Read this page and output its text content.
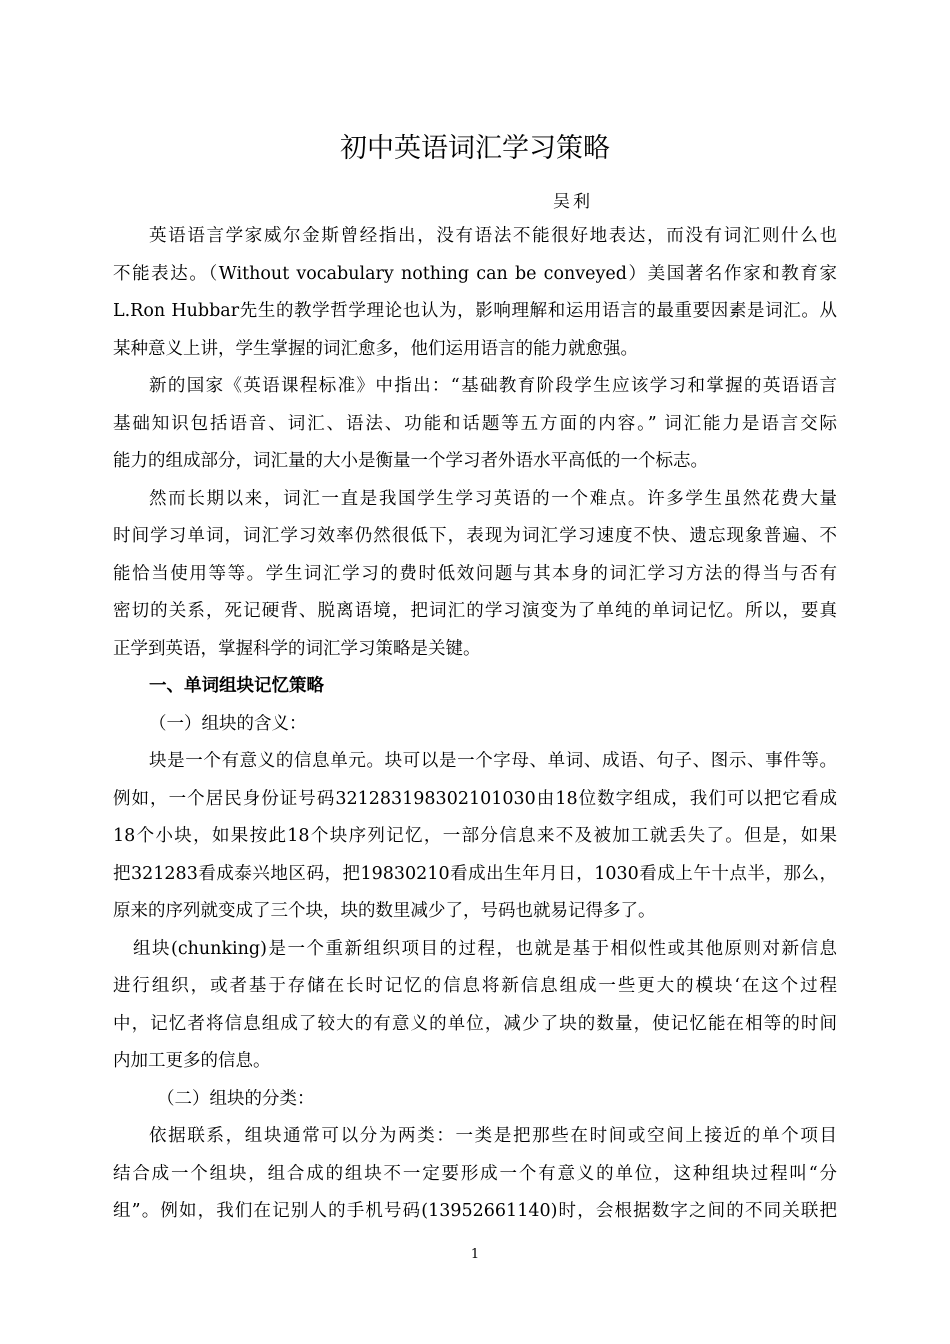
初中英语词汇学习策略
吴利
英语语言学家威尔金斯曾经指出，没有语法不能很好地表达，而没有词汇则什么也
不能表达。（Without vocabulary nothing can be conveyed）美国著名作家和教育家
L.Ron Hubbar先生的教学哲学理论也认为，影响理解和运用语言的最重要因素是词汇。从
某种意义上讲，学生掌握的词汇愈多，他们运用语言的能力就愈强。
新的国家《英语课程标准》中指出：“基础教育阶段学生应该学习和掌握的英语语言
基础知识包括语音、词汇、语法、功能和话题等五方面的内容。” 词汇能力是语言交际
能力的组成部分，词汇量的大小是衡量一个学习者外语水平高低的一个标志。
然而长期以来，词汇一直是我国学生学习英语的一个难点。许多学生虽然花费大量
时间学习单词，词汇学习效率仍然很低下，表现为词汇学习速度不快、遗忘现象普遍、不
能恰当使用等等。学生词汇学习的费时低效问题与其本身的词汇学习方法的得当与否有
密切的关系，死记硬背、脱离语境，把词汇的学习演变为了单纯的单词记忆。所以，要真
正学到英语，掌握科学的词汇学习策略是关键。
一、单词组块记忆策略
（一）组块的含义：
块是一个有意义的信息单元。块可以是一个字母、单词、成语、句子、图示、事件等。
例如，一个居民身份证号码321283198302101030由18位数字组成，我们可以把它看成
18个小块，如果按此18个块序列记忆，一部分信息来不及被加工就丢失了。但是，如果
把321283看成泰兴地区码，把19830210看成出生年月日，1030看成上午十点半，那么，
原来的序列就变成了三个块，块的数里减少了，号码也就易记得多了。
组块(chunking)是一个重新组织项目的过程，也就是基于相似性或其他原则对新信息
进行组织，或者基于存储在长时记忆的信息将新信息组成一些更大的模块‘在这个过程
中，记忆者将信息组成了较大的有意义的单位，减少了块的数量，使记忆能在相等的时间
内加工更多的信息。
（二）组块的分类：
依据联系，组块通常可以分为两类：一类是把那些在时间或空间上接近的单个项目
结合成一个组块，组合成的组块不一定要形成一个有意义的单位，这种组块过程叫“分
组”。例如，我们在记别人的手机号码(13952661140)时，会根据数字之间的不同关联把
1
